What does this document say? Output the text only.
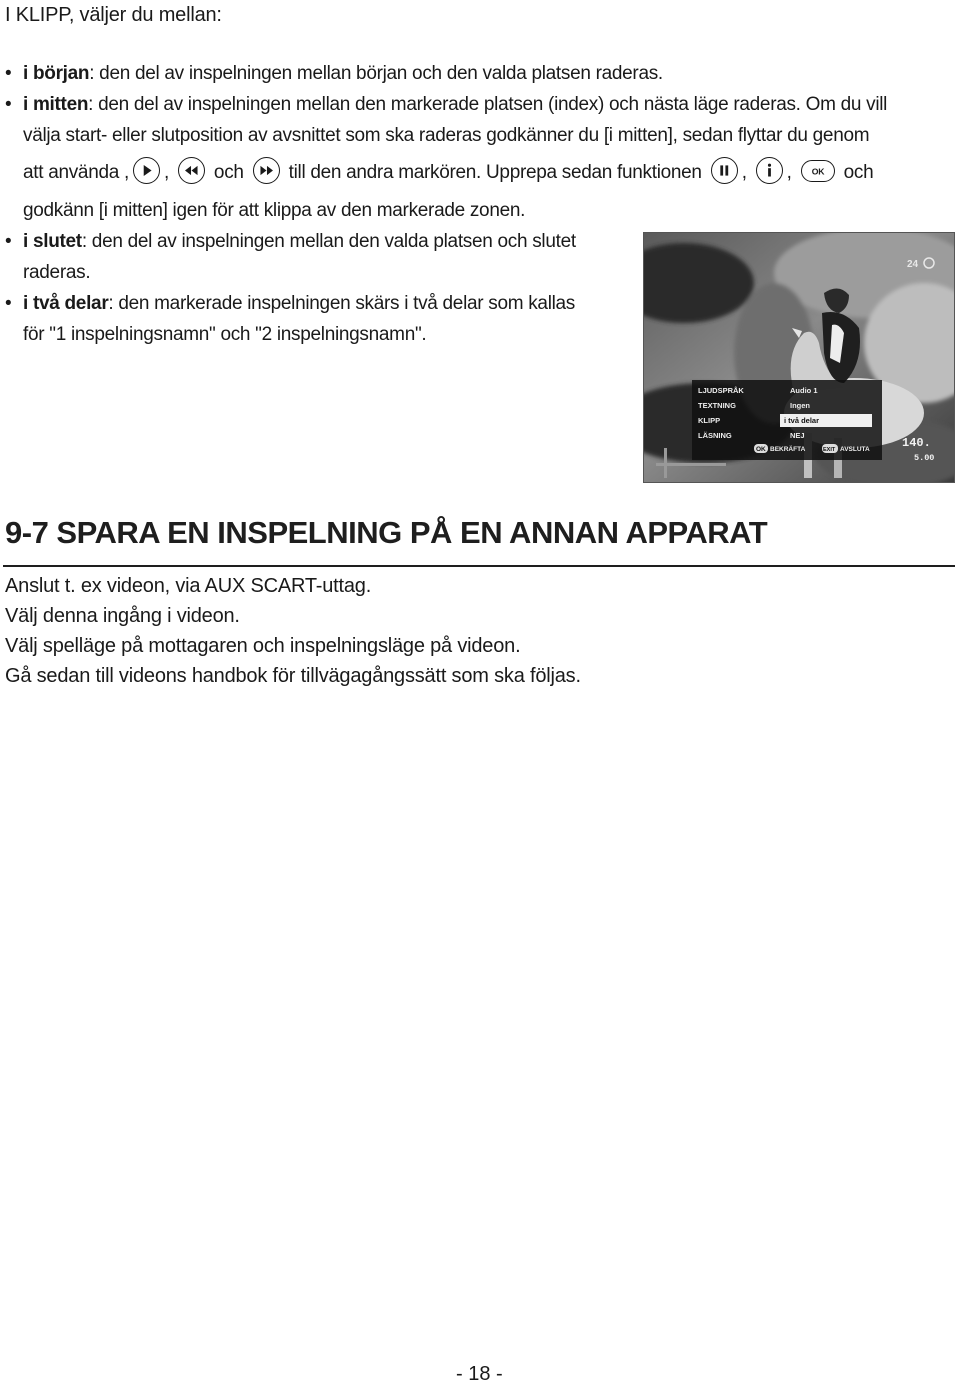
I KLIPP, väljer du mellan:
• i början: den del av inspelningen mellan början och den valda platsen raderas.
• i mitten: den del av inspelningen mellan den markerade platsen (index) och nästa läge raderas. Om du vill
välja start- eller slutposition av avsnittet som ska raderas godkänner du [i mitten], sedan flyttar du genom
att använda , , och till den andra markören. Upprepa sedan funktionen , , OK och
godkänn [i mitten] igen för att klippa av den markerade zonen.
• i slutet: den del av inspelningen mellan den valda platsen och slutet
raderas.
• i två delar: den markerade inspelningen skärs i två delar som kallas
för "1 inspelningsnamn" och "2 inspelningsnamn".
24
LJUDSPRÅK
TEXTNING
KLIPP
LÄSNING
Audio 1
Ingen
i två delar
NEJ
OK BEKRÄFTA	EXIT AVSLUTA	140.
5.00
9-7 SPARA EN INSPELNING PÅ EN ANNAN APPARAT
Anslut t. ex videon, via AUX SCART-uttag.
Välj denna ingång i videon.
Välj spelläge på mottagaren och inspelningsläge på videon.
Gå sedan till videons handbok för tillvägagångssätt som ska följas.
- 18 -
